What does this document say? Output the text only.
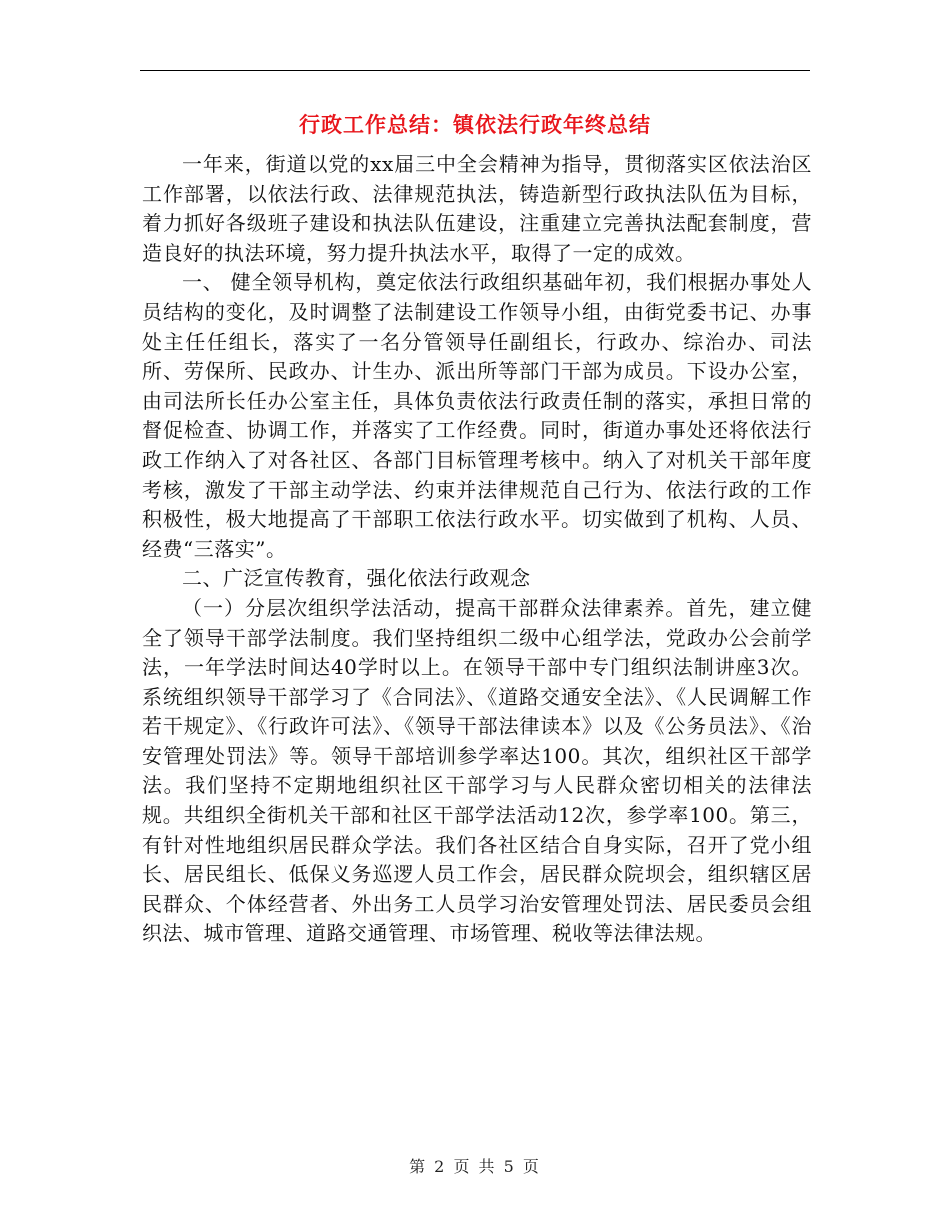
行政工作总结：镇依法行政年终总结

一年来，街道以党的xx届三中全会精神为指导，贯彻落实区依法治区工作部署，以依法行政、法律规范执法，铸造新型行政执法队伍为目标，着力抓好各级班子建设和执法队伍建设，注重建立完善执法配套制度，营造良好的执法环境，努力提升执法水平，取得了一定的成效。

一、 健全领导机构，奠定依法行政组织基础年初，我们根据办事处人员结构的变化，及时调整了法制建设工作领导小组，由街党委书记、办事处主任任组长，落实了一名分管领导任副组长，行政办、综治办、司法所、劳保所、民政办、计生办、派出所等部门干部为成员。下设办公室，由司法所长任办公室主任，具体负责依法行政责任制的落实，承担日常的督促检查、协调工作，并落实了工作经费。同时，街道办事处还将依法行政工作纳入了对各社区、各部门目标管理考核中。纳入了对机关干部年度考核，激发了干部主动学法、约束并法律规范自己行为、依法行政的工作积极性，极大地提高了干部职工依法行政水平。切实做到了机构、人员、经费“三落实”。

二、广泛宣传教育，强化依法行政观念

（一）分层次组织学法活动，提高干部群众法律素养。首先，建立健全了领导干部学法制度。我们坚持组织二级中心组学法，党政办公会前学法，一年学法时间达40学时以上。在领导干部中专门组织法制讲座3次。系统组织领导干部学习了《合同法》、《道路交通安全法》、《人民调解工作若干规定》、《行政许可法》、《领导干部法律读本》以及《公务员法》、《治安管理处罚法》等。领导干部培训参学率达100。其次，组织社区干部学法。我们坚持不定期地组织社区干部学习与人民群众密切相关的法律法规。共组织全街机关干部和社区干部学法活动12次，参学率100。第三，有针对性地组织居民群众学法。我们各社区结合自身实际，召开了党小组长、居民组长、低保义务巡逻人员工作会，居民群众院坝会，组织辖区居民群众、个体经营者、外出务工人员学习治安管理处罚法、居民委员会组织法、城市管理、道路交通管理、市场管理、税收等法律法规。

第 2 页 共 5 页
